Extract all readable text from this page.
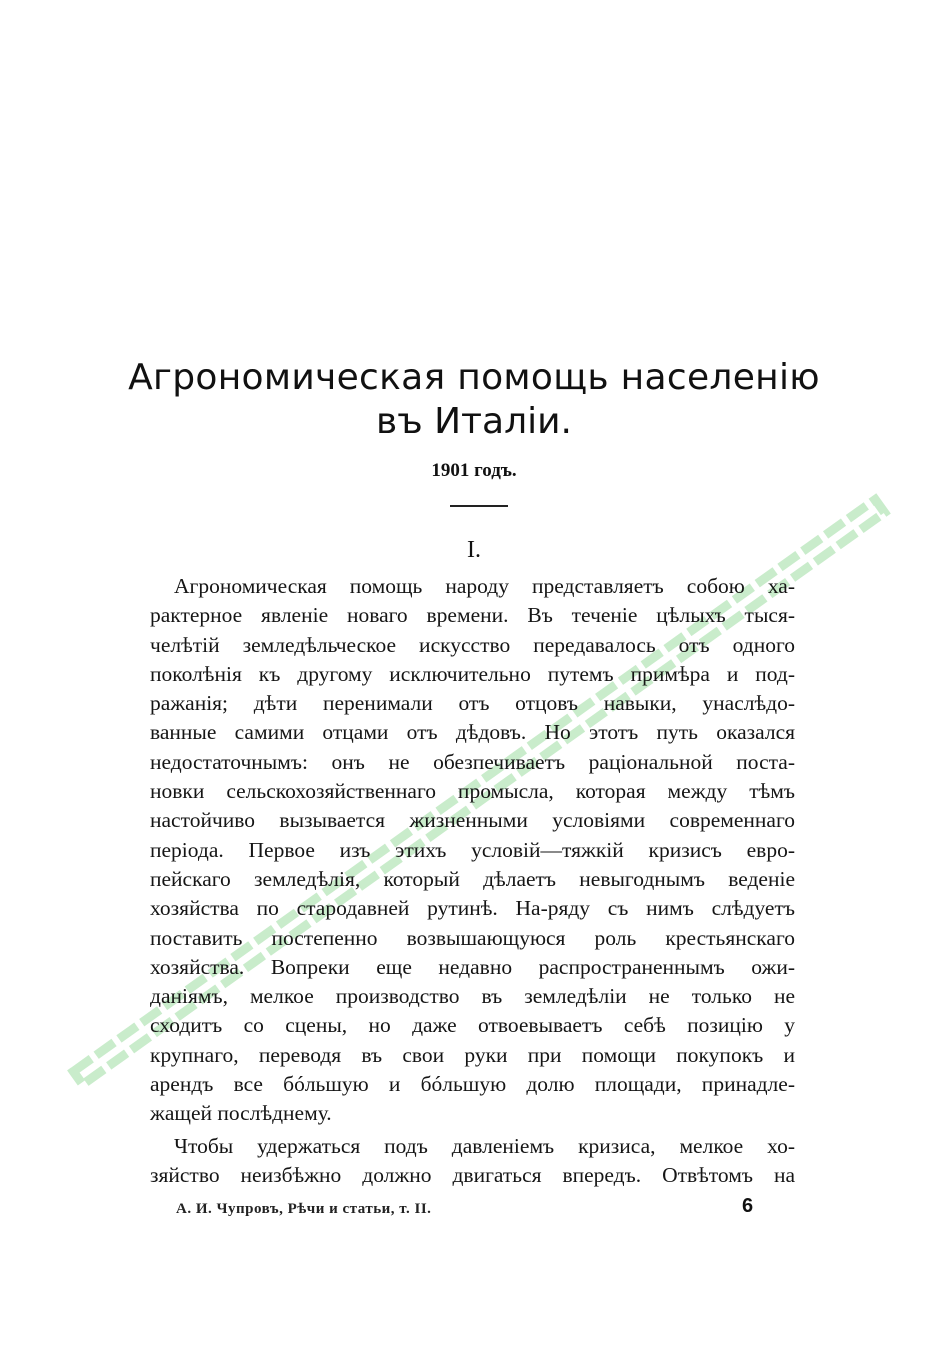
Агрономическая помощь населенію
въ Италіи.
1901 годъ.
I.
Агрономическая помощь народу представляетъ собою ха-
рактерное явленіе новаго времени. Въ теченіе цѣлыхъ тыся-
челѣтій земледѣльческое искусство передавалось отъ одного
поколѣнія къ другому исключительно путемъ примѣра и под-
ражанія; дѣти перенимали отъ отцовъ навыки, унаслѣдо-
ванные самими отцами отъ дѣдовъ. Но этотъ путь оказался
недостаточнымъ: онъ не обезпечиваетъ раціональной поста-
новки сельскохозяйственнаго промысла, которая между тѣмъ
настойчиво вызывается жизненными условіями современнаго
періода. Первое изъ этихъ условій—тяжкій кризисъ евро-
пейскаго земледѣлія, который дѣлаетъ невыгоднымъ веденіе
хозяйства по стародавней рутинѣ. На-ряду съ нимъ слѣдуетъ
поставить постепенно возвышающуюся роль крестьянскаго
хозяйства. Вопреки еще недавно распространеннымъ ожи-
даніямъ, мелкое производство въ земледѣліи не только не
сходитъ со сцены, но даже отвоевываетъ себѣ позицію у
крупнаго, переводя въ свои руки при помощи покупокъ и
арендъ все бóльшую и бóльшую долю площади, принадле-
жащей послѣднему.
Чтобы удержаться подъ давленіемъ кризиса, мелкое хо-
зяйство неизбѣжно должно двигаться впередъ. Отвѣтомъ на
А. И. Чупровъ, Рѣчи и статьи, т. II.	6
